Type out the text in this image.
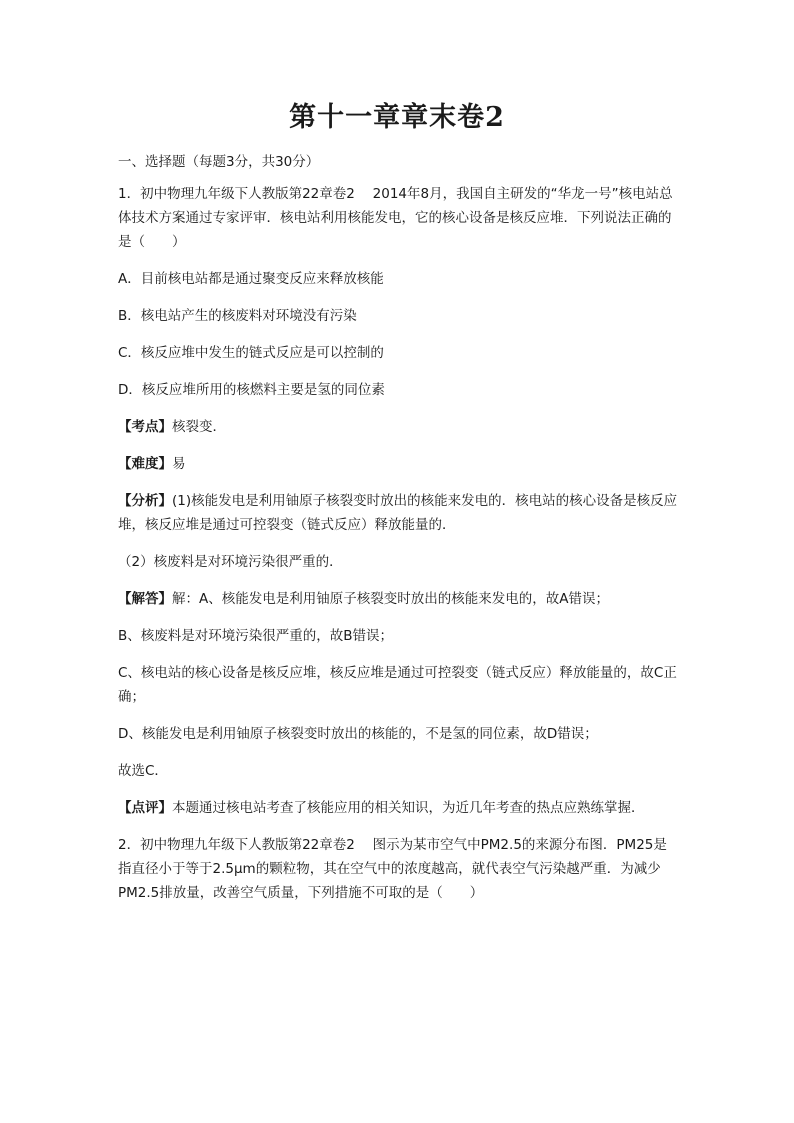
第十一章章末卷2

一、选择题（每题3分，共30分）

1．初中物理九年级下人教版第22章卷2　 2014年8月，我国自主研发的“华龙一号”核电站总体技术方案通过专家评审．核电站利用核能发电，它的核心设备是核反应堆．下列说法正确的是（　　）

A．目前核电站都是通过聚变反应来释放核能

B．核电站产生的核废料对环境没有污染

C．核反应堆中发生的链式反应是可以控制的

D．核反应堆所用的核燃料主要是氢的同位素

【考点】核裂变．

【难度】易

【分析】(1)核能发电是利用铀原子核裂变时放出的核能来发电的．核电站的核心设备是核反应堆，核反应堆是通过可控裂变（链式反应）释放能量的．

（2）核废料是对环境污染很严重的．

【解答】解：A、核能发电是利用铀原子核裂变时放出的核能来发电的，故A错误；

B、核废料是对环境污染很严重的，故B错误；

C、核电站的核心设备是核反应堆，核反应堆是通过可控裂变（链式反应）释放能量的，故C正确；

D、核能发电是利用铀原子核裂变时放出的核能的，不是氢的同位素，故D错误；

故选C．

【点评】本题通过核电站考查了核能应用的相关知识，为近几年考查的热点应熟练掌握．

2．初中物理九年级下人教版第22章卷2　 图示为某市空气中PM2.5的来源分布图．PM25是指直径小于等于2.5μm的颗粒物，其在空气中的浓度越高，就代表空气污染越严重．为减少PM2.5排放量，改善空气质量，下列措施不可取的是（　　）
